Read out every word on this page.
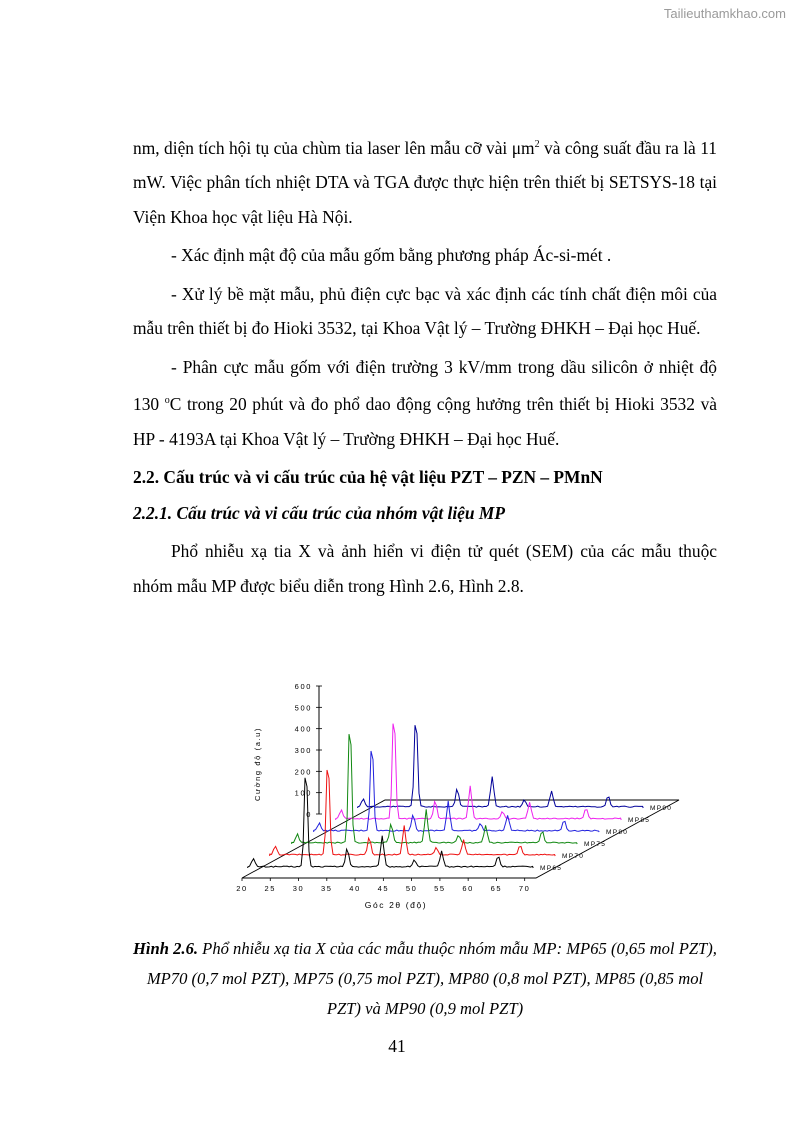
Tailieuthamkhao.com

nm, diện tích hội tụ của chùm tia laser lên mẫu cỡ vài $\mu m^2$ và công suất đầu ra là 11 mW. Việc phân tích nhiệt DTA và TGA được thực hiện trên thiết bị SETSYS-18 tại Viện Khoa học vật liệu Hà Nội.

- Xác định mật độ của mẫu gốm bằng phương pháp Ác-si-mét .

- Xử lý bề mặt mẫu, phủ điện cực bạc và xác định các tính chất điện môi của mẫu trên thiết bị đo Hioki 3532, tại Khoa Vật lý – Trường ĐHKH – Đại học Huế.

- Phân cực mẫu gốm với điện trường 3 kV/mm trong dầu silicôn ở nhiệt độ 130 $^o$C trong 20 phút và đo phổ dao động cộng hưởng trên thiết bị Hioki 3532 và HP - 4193A tại Khoa Vật lý – Trường ĐHKH – Đại học Huế.

2.2. Cấu trúc và vi cấu trúc của hệ vật liệu PZT – PZN – PMnN
2.2.1. Cấu trúc và vi cấu trúc của nhóm vật liệu MP

Phổ nhiễu xạ tia X và ảnh hiển vi điện tử quét (SEM) của các mẫu thuộc nhóm mẫu MP được biểu diễn trong Hình 2.6, Hình 2.8.

MP90
MP85
MP80
MP75
MP70
MP65
20 25 30 35 40 45 50 55 60 65 70
Góc 2θ (độ)
0
100
200
300
400
500
600
Cường độ (a.u)
Hình 2.6. Phổ nhiễu xạ tia X của các mẫu thuộc nhóm mẫu MP: MP65 (0,65 mol PZT), MP70 (0,7 mol PZT), MP75 (0,75 mol PZT), MP80 (0,8 mol PZT), MP85 (0,85 mol PZT) và MP90 (0,9 mol PZT)
41
